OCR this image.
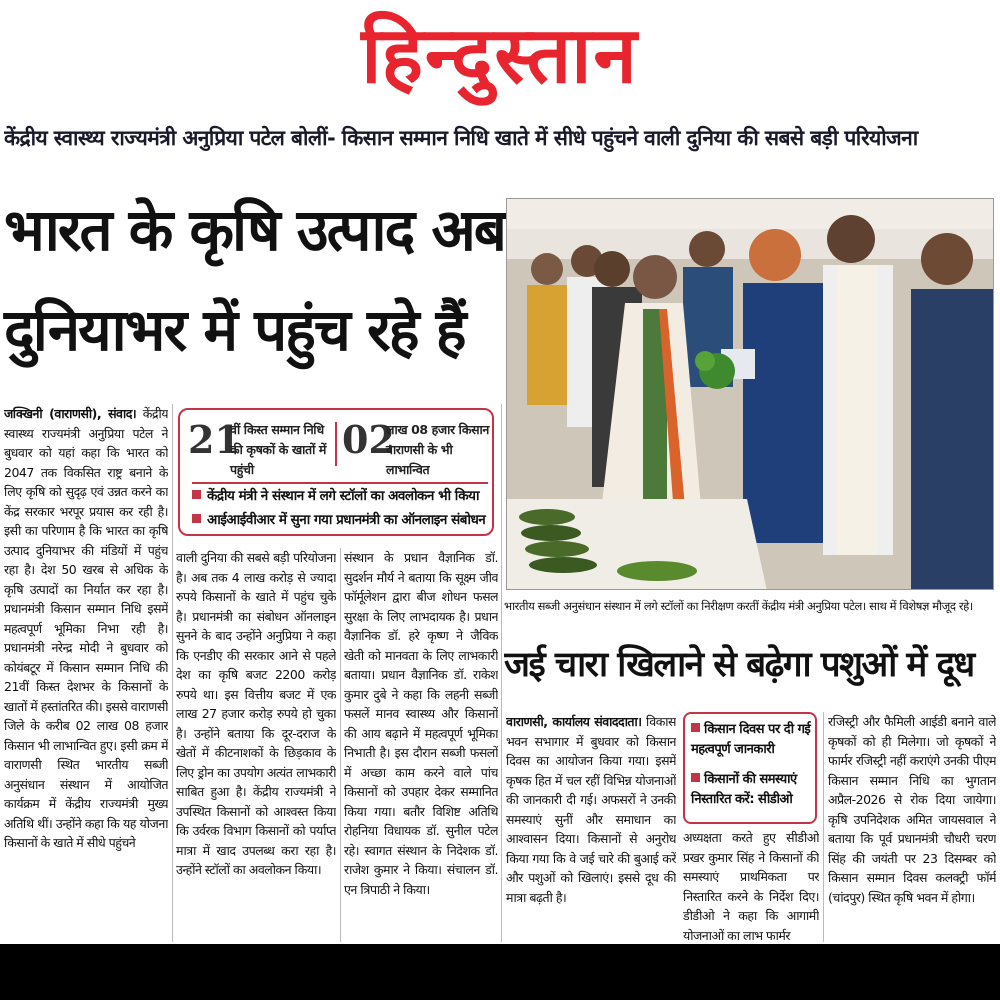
हिन्दुस्तान
केंद्रीय स्वास्थ्य राज्यमंत्री अनुप्रिया पटेल बोलीं- किसान सम्मान निधि खाते में सीधे पहुंचने वाली दुनिया की सबसे बड़ी परियोजना
भारत के कृषि उत्पाद अब
दुनियाभर में पहुंच रहे हैं
भारतीय सब्जी अनुसंधान संस्थान में लगे स्टॉलों का निरीक्षण करतीं केंद्रीय मंत्री अनुप्रिया पटेल। साथ में विशेषज्ञ मौजूद रहे।
21
वीं किस्त सम्मान निधि की कृषकों के खातों में पहुंची
02
लाख 08 हजार किसान वाराणसी के भी लाभान्वित
केंद्रीय मंत्री ने संस्थान में लगे स्टॉलों का अवलोकन भी किया
आईआईवीआर में सुना गया प्रधानमंत्री का ऑनलाइन संबोधन
जक्खिनी (वाराणसी), संवाद। केंद्रीय स्वास्थ्य राज्यमंत्री अनुप्रिया पटेल ने बुधवार को यहां कहा कि भारत को 2047 तक विकसित राष्ट्र बनाने के लिए कृषि को सुदृढ़ एवं उन्नत करने का केंद्र सरकार भरपूर प्रयास कर रही है। इसी का परिणाम है कि भारत का कृषि उत्पाद दुनियाभर की मंडियों में पहुंच रहा है। देश 50 खरब से अधिक के कृषि उत्पादों का निर्यात कर रहा है। प्रधानमंत्री किसान सम्मान निधि इसमें महत्वपूर्ण भूमिका निभा रही है। प्रधानमंत्री नरेन्द्र मोदी ने बुधवार को कोयंबटूर में किसान सम्मान निधि की 21वीं किस्त देशभर के किसानों के खातों में हस्तांतरित की। इससे वाराणसी जिले के करीब 02 लाख 08 हजार किसान भी लाभान्वित हुए। इसी क्रम में वाराणसी स्थित भारतीय सब्जी अनुसंधान संस्थान में आयोजित कार्यक्रम में केंद्रीय राज्यमंत्री मुख्य अतिथि थीं। उन्होंने कहा कि यह योजना किसानों के खाते में सीधे पहुंचने
वाली दुनिया की सबसे बड़ी परियोजना है। अब तक 4 लाख करोड़ से ज्यादा रुपये किसानों के खाते में पहुंच चुके है। प्रधानमंत्री का संबोधन ऑनलाइन सुनने के बाद उन्होंने अनुप्रिया ने कहा कि एनडीए की सरकार आने से पहले देश का कृषि बजट 2200 करोड़ रुपये था। इस वित्तीय बजट में एक लाख 27 हजार करोड़ रुपये हो चुका है। उन्होंने बताया कि दूर-दराज के खेतों में कीटनाशकों के छिड़काव के लिए ड्रोन का उपयोग अत्यंत लाभकारी साबित हुआ है। केंद्रीय राज्यमंत्री ने उपस्थित किसानों को आश्वस्त किया कि उर्वरक विभाग किसानों को पर्याप्त मात्रा में खाद उपलब्ध करा रहा है। उन्होंने स्टॉलों का अवलोकन किया।
संस्थान के प्रधान वैज्ञानिक डॉ. सुदर्शन मौर्य ने बताया कि सूक्ष्म जीव फॉर्मूलेशन द्वारा बीज शोधन फसल सुरक्षा के लिए लाभदायक है। प्रधान वैज्ञानिक डॉ. हरे कृष्ण ने जैविक खेती को मानवता के लिए लाभकारी बताया। प्रधान वैज्ञानिक डॉ. राकेश कुमार दुबे ने कहा कि लहनी सब्जी फसलें मानव स्वास्थ्य और किसानों की आय बढ़ाने में महत्वपूर्ण भूमिका निभाती है। इस दौरान सब्जी फसलों में अच्छा काम करने वाले पांच किसानों को उपहार देकर सम्मानित किया गया। बतौर विशिष्ट अतिथि रोहनिया विधायक डॉ. सुनील पटेल रहे। स्वागत संस्थान के निदेशक डॉ. राजेश कुमार ने किया। संचालन डॉ. एन त्रिपाठी ने किया।
जई चारा खिलाने से बढ़ेगा पशुओं में दूध
वाराणसी, कार्यालय संवाददाता। विकास भवन सभागार में बुधवार को किसान दिवस का आयोजन किया गया। इसमें कृषक हित में चल रहीं विभिन्न योजनाओं की जानकारी दी गई। अफसरों ने उनकी समस्याएं सुनीं और समाधान का आश्वासन दिया। किसानों से अनुरोध किया गया कि वे जई चारे की बुआई करें और पशुओं को खिलाएं। इससे दूध की मात्रा बढ़ती है।
किसान दिवस पर दी गई महत्वपूर्ण जानकारी
किसानों की समस्याएं निस्तारित करें: सीडीओ
अध्यक्षता करते हुए सीडीओ प्रखर कुमार सिंह ने किसानों की समस्याएं प्राथमिकता पर निस्तारित करने के निर्देश दिए। डीडीओ ने कहा कि आगामी योजनाओं का लाभ फार्मर
रजिस्ट्री और फैमिली आईडी बनाने वाले कृषकों को ही मिलेगा। जो कृषकों ने फार्मर रजिस्ट्री नहीं कराएंगे उनकी पीएम किसान सम्मान निधि का भुगतान अप्रैल-2026 से रोक दिया जायेगा। कृषि उपनिदेशक अमित जायसवाल ने बताया कि पूर्व प्रधानमंत्री चौधरी चरण सिंह की जयंती पर 23 दिसम्बर को किसान सम्मान दिवस कलक्ट्री फॉर्म (चांदपुर) स्थित कृषि भवन में होगा।
